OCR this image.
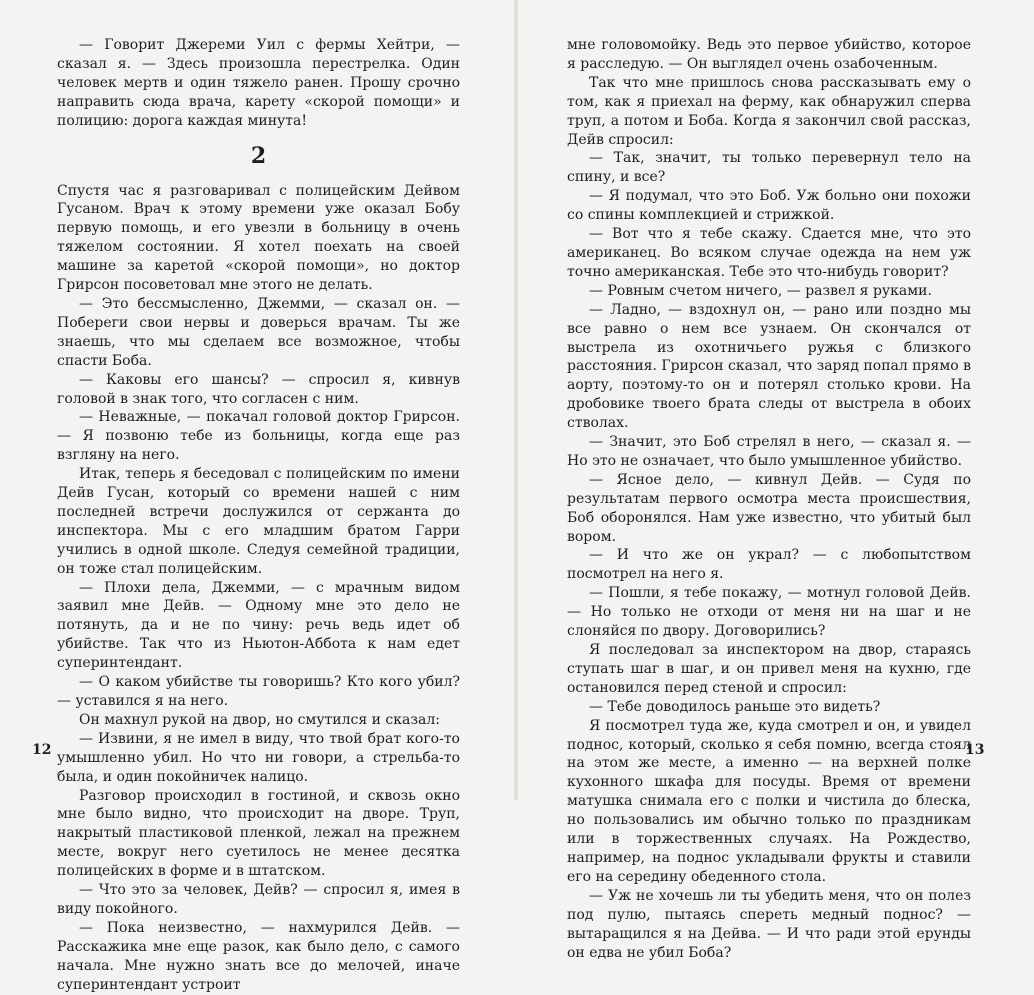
— Говорит Джереми Уил с фермы Хейтри, — сказал я. — Здесь произошла перестрелка. Один человек мертв и один тяжело ранен. Прошу срочно направить сюда врача, карету «скорой помощи» и полицию: дорога каждая минута!

2

Спустя час я разговаривал с полицейским Дейвом Гусаном. Врач к этому времени уже оказал Бобу первую помощь, и его увезли в больницу в очень тяжелом состоянии. Я хотел поехать на своей машине за каретой «скорой помощи», но доктор Грирсон посоветовал мне этого не делать.

— Это бессмысленно, Джемми, — сказал он. — Побереги свои нервы и доверься врачам. Ты же знаешь, что мы сделаем все возможное, чтобы спасти Боба.

— Каковы его шансы? — спросил я, кивнув головой в знак того, что согласен с ним.

— Неважные, — покачал головой доктор Грирсон. — Я позвоню тебе из больницы, когда еще раз взгляну на него.

Итак, теперь я беседовал с полицейским по имени Дейв Гусан, который со времени нашей с ним последней встречи дослужился от сержанта до инспектора. Мы с его младшим братом Гарри учились в одной школе. Следуя семейной традиции, он тоже стал полицейским.

— Плохи дела, Джемми, — с мрачным видом заявил мне Дейв. — Одному мне это дело не потянуть, да и не по чину: речь ведь идет об убийстве. Так что из Ньютон-Аббота к нам едет суперинтендант.

— О каком убийстве ты говоришь? Кто кого убил? — уставился я на него.

Он махнул рукой на двор, но смутился и сказал:

— Извини, я не имел в виду, что твой брат кого-то умышленно убил. Но что ни говори, а стрельба-то была, и один покойничек налицо.

Разговор происходил в гостиной, и сквозь окно мне было видно, что происходит на дворе. Труп, накрытый пластиковой пленкой, лежал на прежнем месте, вокруг него суетилось не менее десятка полицейских в форме и в штатском.

— Что это за человек, Дейв? — спросил я, имея в виду покойного.

— Пока неизвестно, — нахмурился Дейв. — Расскажика мне еще разок, как было дело, с самого начала. Мне нужно знать все до мелочей, иначе суперинтендант устроит

12

мне головомойку. Ведь это первое убийство, которое я расследую. — Он выглядел очень озабоченным.

Так что мне пришлось снова рассказывать ему о том, как я приехал на ферму, как обнаружил сперва труп, а потом и Боба. Когда я закончил свой рассказ, Дейв спросил:

— Так, значит, ты только перевернул тело на спину, и все?

— Я подумал, что это Боб. Уж больно они похожи со спины комплекцией и стрижкой.

— Вот что я тебе скажу. Сдается мне, что это американец. Во всяком случае одежда на нем уж точно американская. Тебе это что-нибудь говорит?

— Ровным счетом ничего, — развел я руками.

— Ладно, — вздохнул он, — рано или поздно мы все равно о нем все узнаем. Он скончался от выстрела из охотничьего ружья с близкого расстояния. Грирсон сказал, что заряд попал прямо в аорту, поэтому-то он и потерял столько крови. На дробовике твоего брата следы от выстрела в обоих стволах.

— Значит, это Боб стрелял в него, — сказал я. — Но это не означает, что было умышленное убийство.

— Ясное дело, — кивнул Дейв. — Судя по результатам первого осмотра места происшествия, Боб оборонялся. Нам уже известно, что убитый был вором.

— И что же он украл? — с любопытством посмотрел на него я.

— Пошли, я тебе покажу, — мотнул головой Дейв. — Но только не отходи от меня ни на шаг и не слоняйся по двору. Договорились?

Я последовал за инспектором на двор, стараясь ступать шаг в шаг, и он привел меня на кухню, где остановился перед стеной и спросил:

— Тебе доводилось раньше это видеть?

Я посмотрел туда же, куда смотрел и он, и увидел поднос, который, сколько я себя помню, всегда стоял на этом же месте, а именно — на верхней полке кухонного шкафа для посуды. Время от времени матушка снимала его с полки и чистила до блеска, но пользовались им обычно только по праздникам или в торжественных случаях. На Рождество, например, на поднос укладывали фрукты и ставили его на середину обеденного стола.

— Уж не хочешь ли ты убедить меня, что он полез под пулю, пытаясь спереть медный поднос? — вытаращился я на Дейва. — И что ради этой ерунды он едва не убил Боба?

13
